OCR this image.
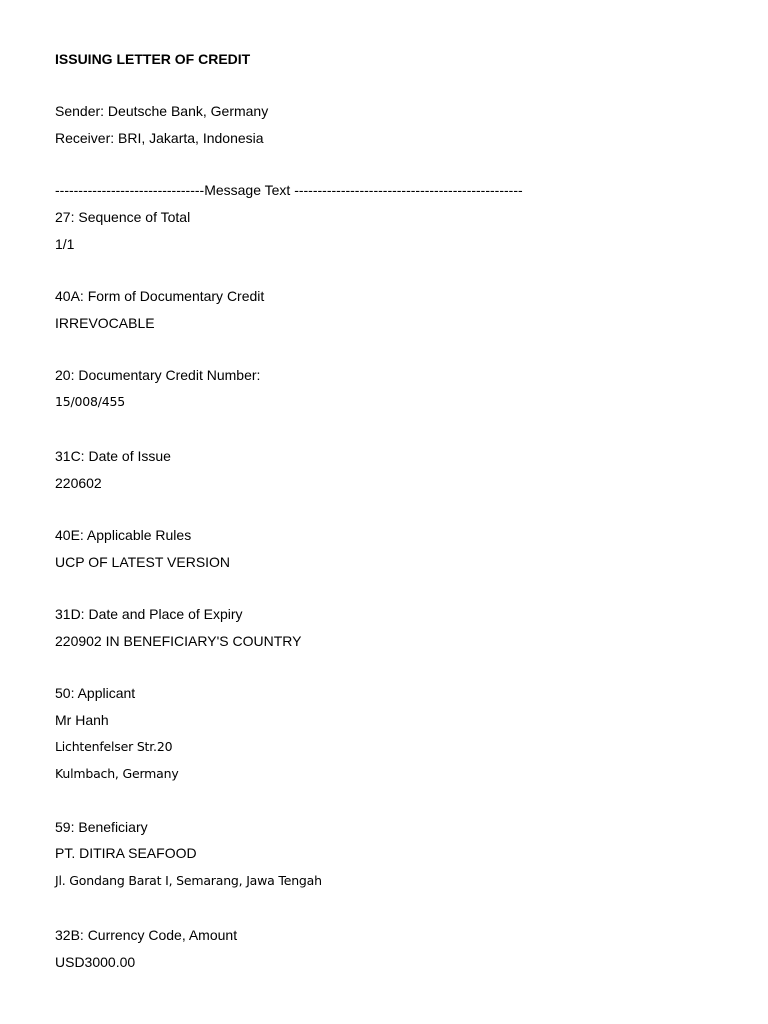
ISSUING LETTER OF CREDIT
Sender: Deutsche Bank, Germany
Receiver: BRI, Jakarta, Indonesia
--------------------------------Message Text -------------------------------------------------
27: Sequence of Total
1/1
40A: Form of Documentary Credit
IRREVOCABLE
20: Documentary Credit Number:
15/008/455
31C: Date of Issue
220602
40E: Applicable Rules
UCP OF LATEST VERSION
31D: Date and Place of Expiry
220902 IN BENEFICIARY'S COUNTRY
50: Applicant
Mr Hanh
Lichtenfelser Str.20
Kulmbach, Germany
59: Beneficiary
PT. DITIRA SEAFOOD
Jl. Gondang Barat I, Semarang, Jawa Tengah
32B: Currency Code, Amount
USD3000.00
